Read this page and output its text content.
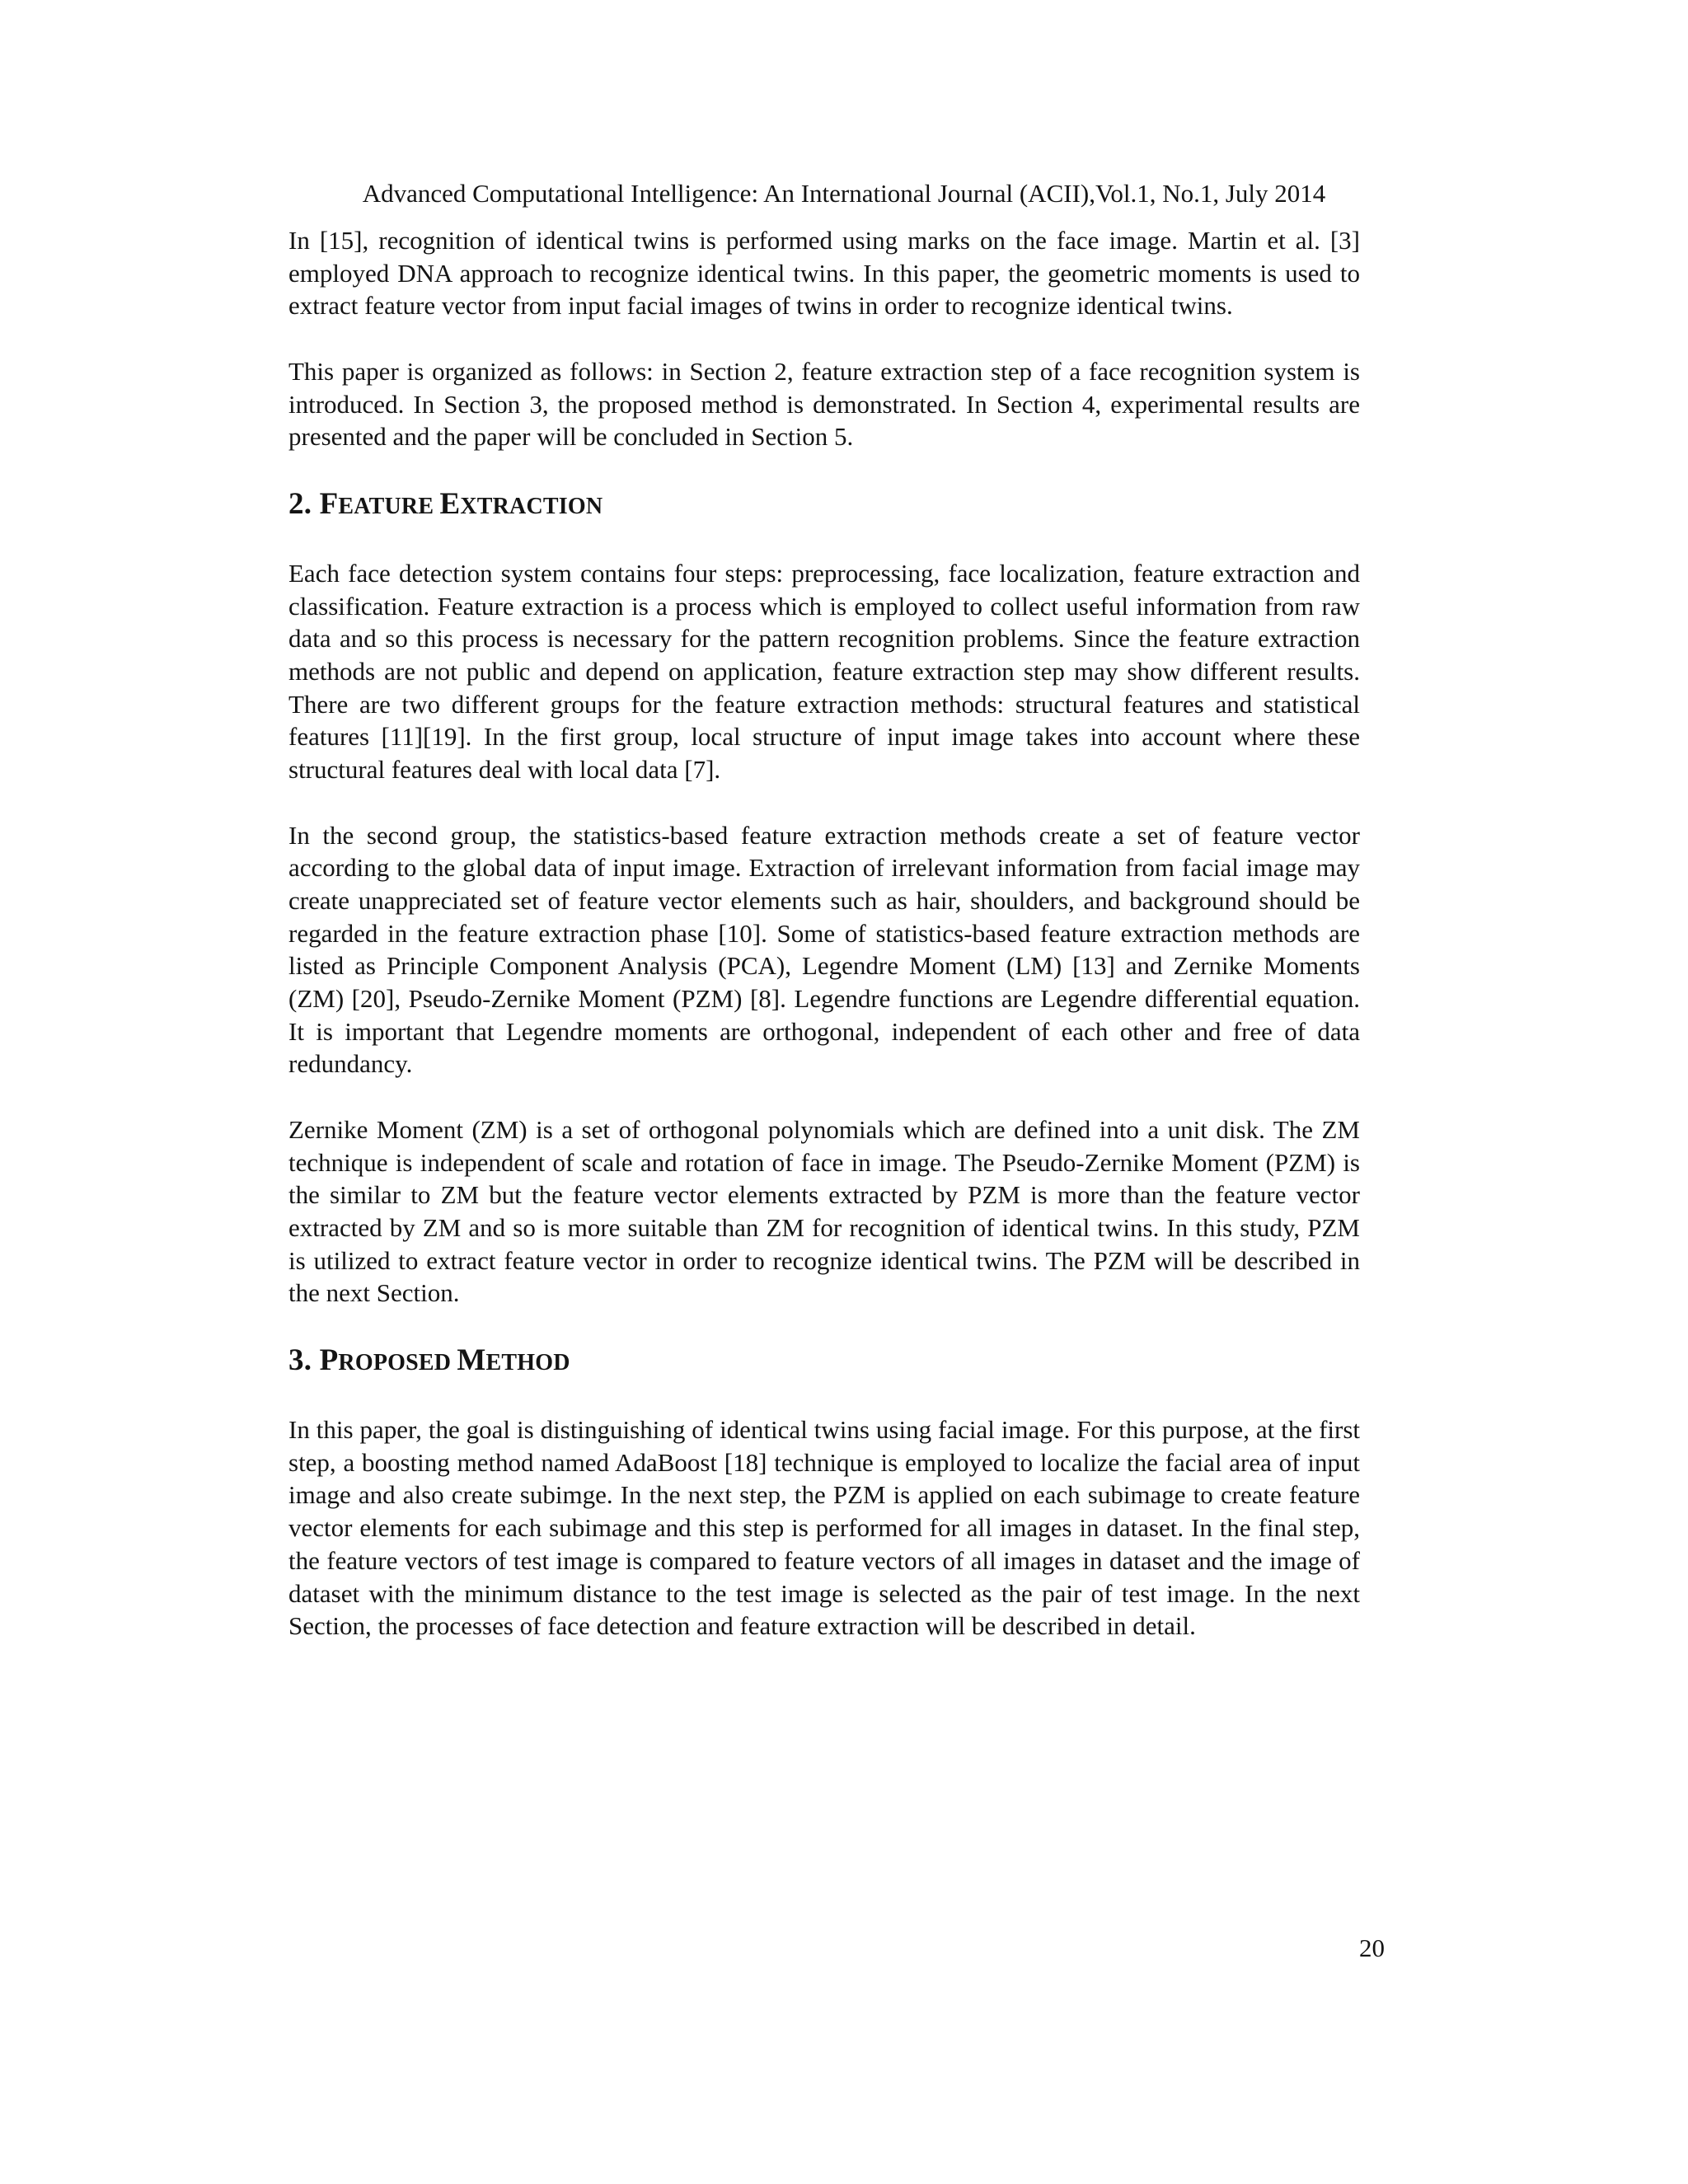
Advanced Computational Intelligence: An International Journal (ACII),Vol.1, No.1, July 2014

In [15], recognition of identical twins is performed using marks on the face image. Martin et al. [3] employed DNA approach to recognize identical twins. In this paper, the geometric moments is used to extract feature vector from input facial images of twins in order to recognize identical twins.

This paper is organized as follows: in Section 2, feature extraction step of a face recognition system is introduced. In Section 3, the proposed method is demonstrated. In Section 4, experimental results are presented and the paper will be concluded in Section 5.

2. FEATURE EXTRACTION

Each face detection system contains four steps: preprocessing, face localization, feature extraction and classification. Feature extraction is a process which is employed to collect useful information from raw data and so this process is necessary for the pattern recognition problems. Since the feature extraction methods are not public and depend on application, feature extraction step may show different results. There are two different groups for the feature extraction methods: structural features and statistical features [11][19]. In the first group, local structure of input image takes into account where these structural features deal with local data [7].

In the second group, the statistics-based feature extraction methods create a set of feature vector according to the global data of input image. Extraction of irrelevant information from facial image may create unappreciated set of feature vector elements such as hair, shoulders, and background should be regarded in the feature extraction phase [10]. Some of statistics-based feature extraction methods are listed as Principle Component Analysis (PCA), Legendre Moment (LM) [13] and Zernike Moments (ZM) [20], Pseudo-Zernike Moment (PZM) [8]. Legendre functions are Legendre differential equation. It is important that Legendre moments are orthogonal, independent of each other and free of data redundancy.

Zernike Moment (ZM) is a set of orthogonal polynomials which are defined into a unit disk. The ZM technique is independent of scale and rotation of face in image. The Pseudo-Zernike Moment (PZM) is the similar to ZM but the feature vector elements extracted by PZM is more than the feature vector extracted by ZM and so is more suitable than ZM for recognition of identical twins. In this study, PZM is utilized to extract feature vector in order to recognize identical twins. The PZM will be described in the next Section.

3. PROPOSED METHOD

In this paper, the goal is distinguishing of identical twins using facial image. For this purpose, at the first step, a boosting method named AdaBoost [18] technique is employed to localize the facial area of input image and also create subimge. In the next step, the PZM is applied on each subimage to create feature vector elements for each subimage and this step is performed for all images in dataset. In the final step, the feature vectors of test image is compared to feature vectors of all images in dataset and the image of dataset with the minimum distance to the test image is selected as the pair of test image. In the next Section, the processes of face detection and feature extraction will be described in detail.

20
